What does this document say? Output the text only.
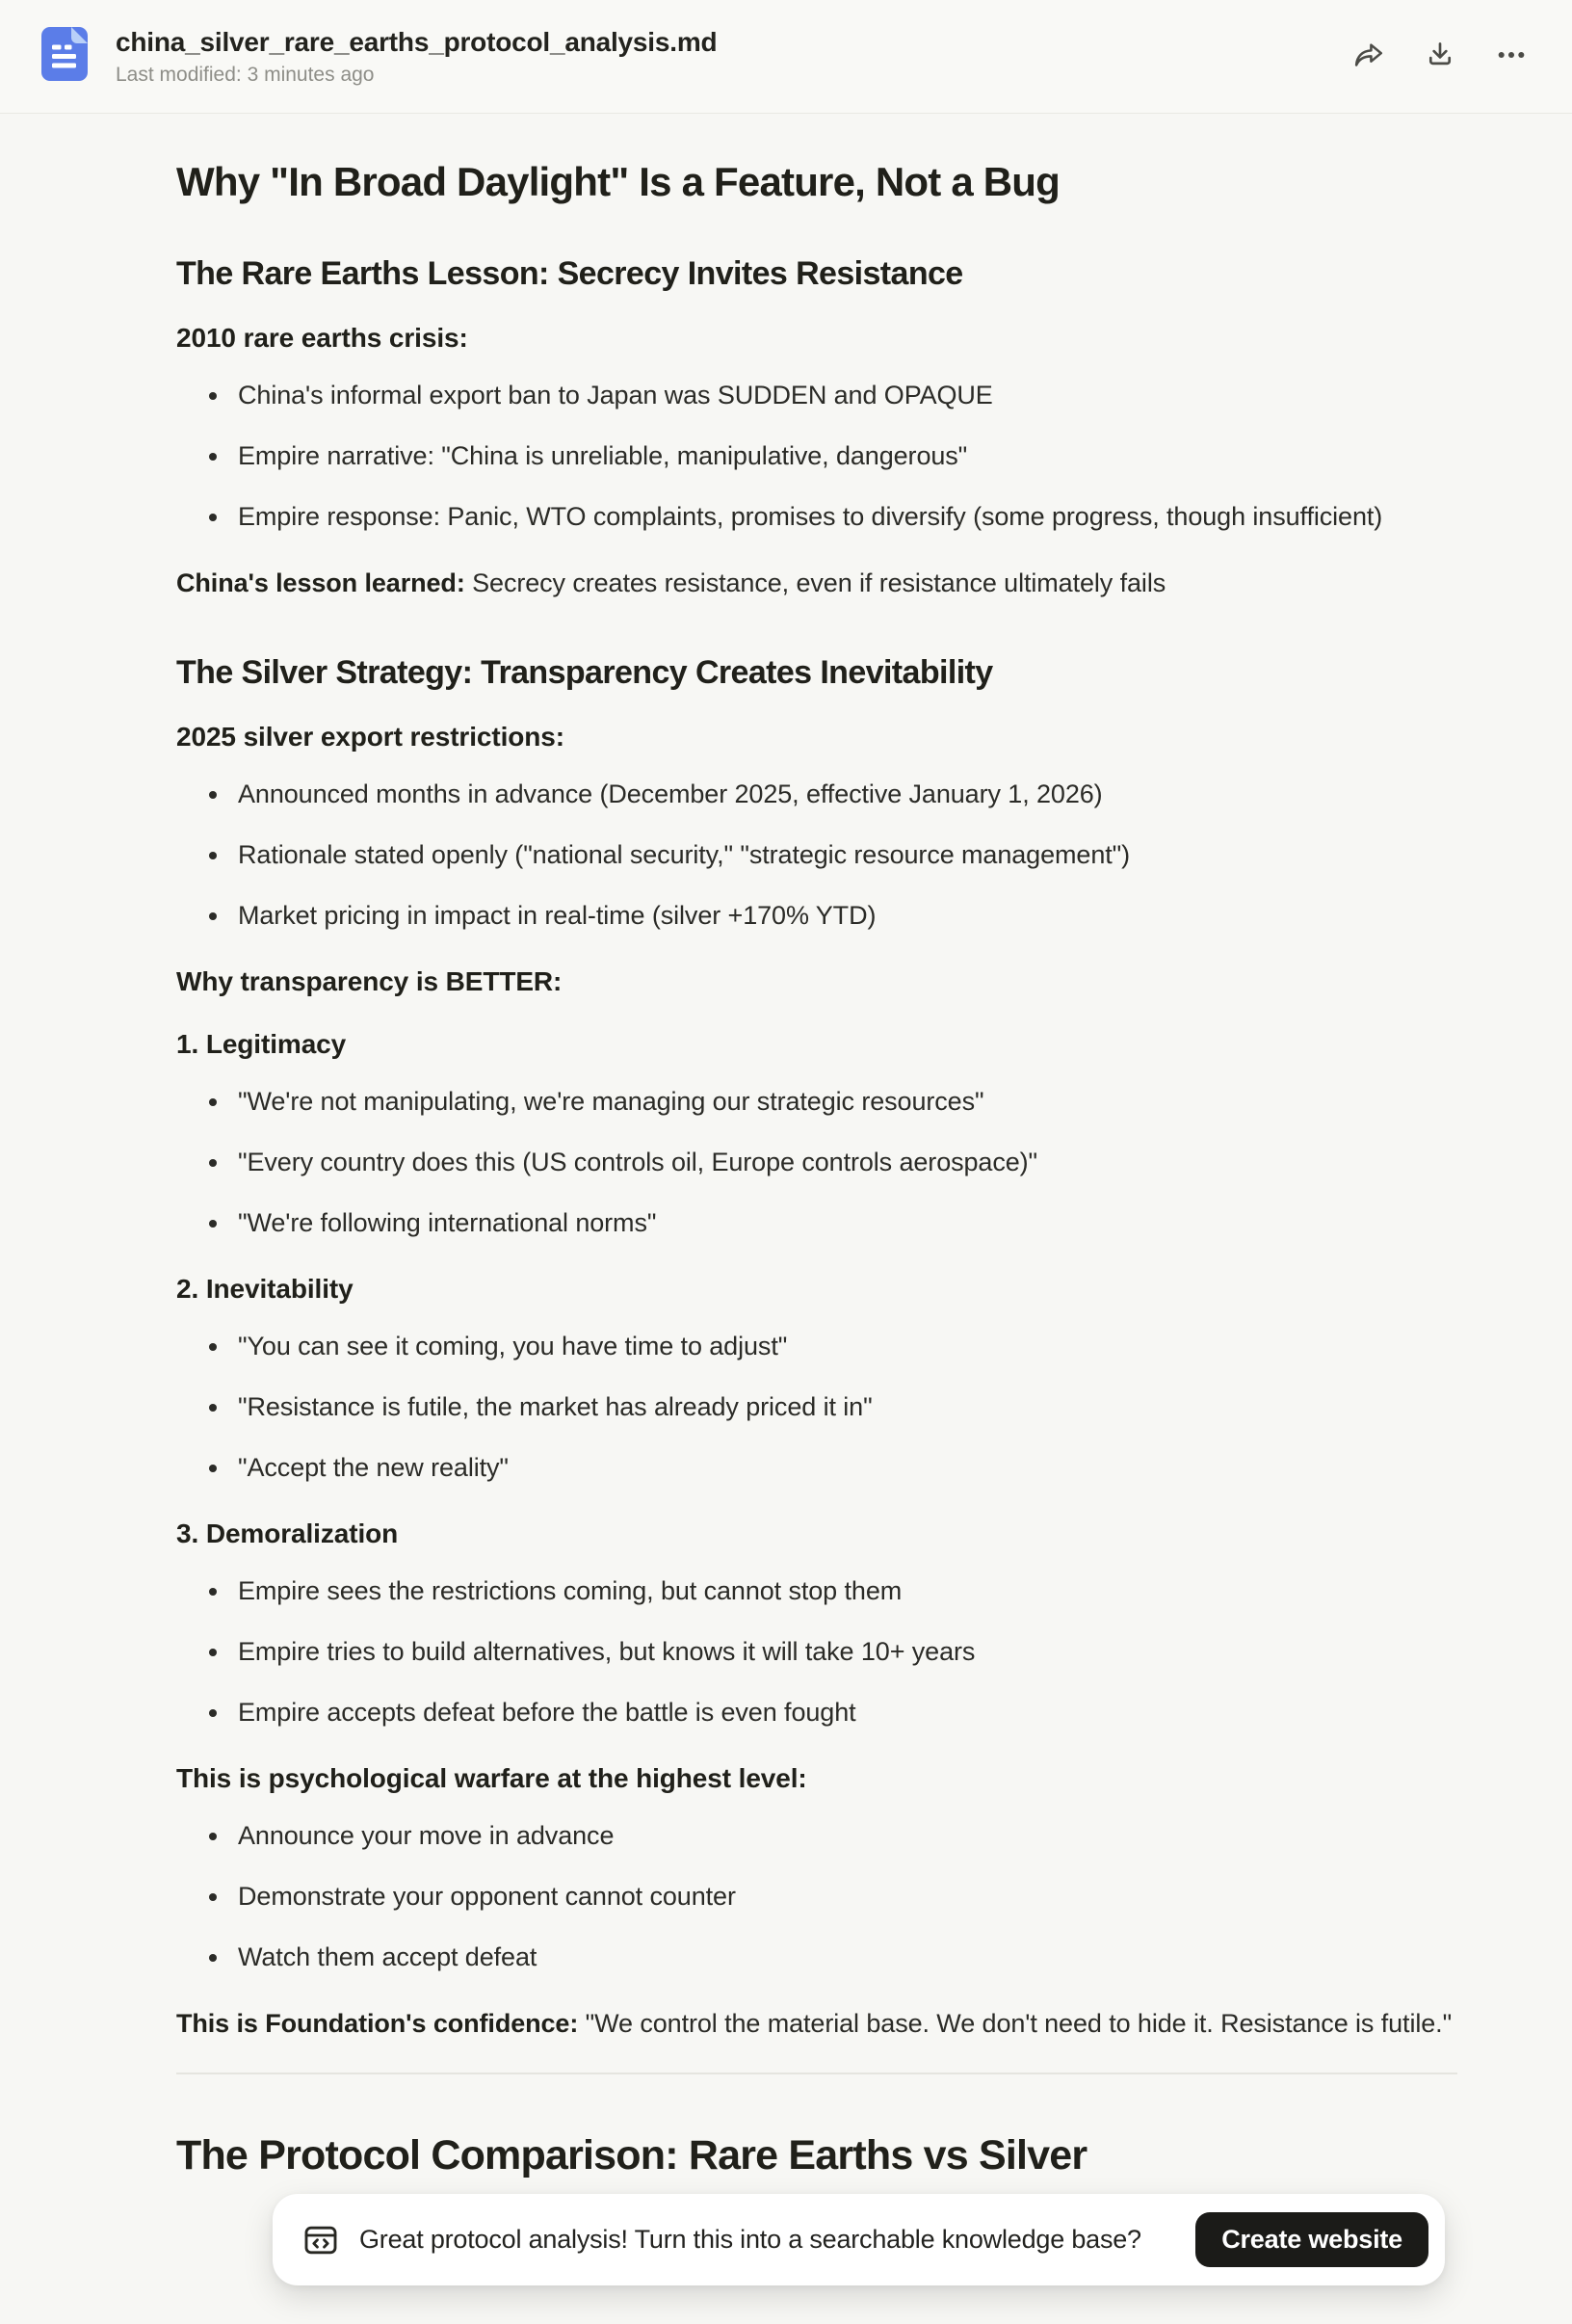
china_silver_rare_earths_protocol_analysis.md
Last modified: 3 minutes ago
Why "In Broad Daylight" Is a Feature, Not a Bug
The Rare Earths Lesson: Secrecy Invites Resistance

2010 rare earths crisis:

• China's informal export ban to Japan was SUDDEN and OPAQUE
• Empire narrative: "China is unreliable, manipulative, dangerous"
• Empire response: Panic, WTO complaints, promises to diversify (some progress, though insufficient)

China's lesson learned: Secrecy creates resistance, even if resistance ultimately fails

The Silver Strategy: Transparency Creates Inevitability

2025 silver export restrictions:

• Announced months in advance (December 2025, effective January 1, 2026)
• Rationale stated openly ("national security," "strategic resource management")
• Market pricing in impact in real-time (silver +170% YTD)

Why transparency is BETTER:

1. Legitimacy

• "We're not manipulating, we're managing our strategic resources"
• "Every country does this (US controls oil, Europe controls aerospace)"
• "We're following international norms"

2. Inevitability

• "You can see it coming, you have time to adjust"
• "Resistance is futile, the market has already priced it in"
• "Accept the new reality"

3. Demoralization

• Empire sees the restrictions coming, but cannot stop them
• Empire tries to build alternatives, but knows it will take 10+ years
• Empire accepts defeat before the battle is even fought

This is psychological warfare at the highest level:

• Announce your move in advance
• Demonstrate your opponent cannot counter
• Watch them accept defeat

This is Foundation's confidence: "We control the material base. We don't need to hide it. Resistance is futile."

The Protocol Comparison: Rare Earths vs Silver
Great protocol analysis! Turn this into a searchable knowledge base?	Create website
